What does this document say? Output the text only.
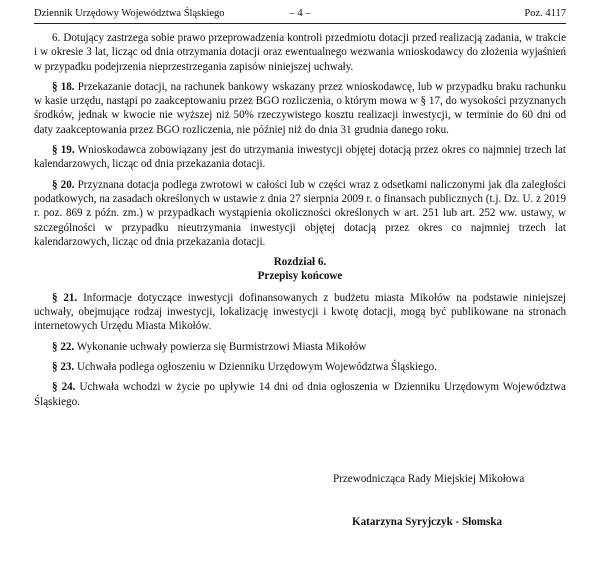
Dziennik Urzędowy Województwa Śląskiego	– 4 –	Poz. 4117

6. Dotujący zastrzega sobie prawo przeprowadzenia kontroli przedmiotu dotacji przed realizacją zadania, w trakcie i w okresie 3 lat, licząc od dnia otrzymania dotacji oraz ewentualnego wezwania wnioskodawcy do złożenia wyjaśnień w przypadku podejrzenia nieprzestrzegania zapisów niniejszej uchwały.

§ 18. Przekazanie dotacji, na rachunek bankowy wskazany przez wnioskodawcę, lub w przypadku braku rachunku w kasie urzędu, nastąpi po zaakceptowaniu przez BGO rozliczenia, o którym mowa w § 17, do wysokości przyznanych środków, jednak w kwocie nie wyższej niż 50% rzeczywistego kosztu realizacji inwestycji, w terminie do 60 dni od daty zaakceptowania przez BGO rozliczenia, nie później niż do dnia 31 grudnia danego roku.

§ 19. Wnioskodawca zobowiązany jest do utrzymania inwestycji objętej dotacją przez okres co najmniej trzech lat kalendarzowych, licząc od dnia przekazania dotacji.

§ 20. Przyznana dotacja podlega zwrotowi w całości lub w części wraz z odsetkami naliczonymi jak dla zaległości podatkowych, na zasadach określonych w ustawie z dnia 27 sierpnia 2009 r. o finansach publicznych (t.j. Dz. U. z 2019 r. poz. 869 z późn. zm.) w przypadkach wystąpienia okoliczności określonych w art. 251 lub art. 252 ww. ustawy, w szczególności w przypadku nieutrzymania inwestycji objętej dotacją przez okres co najmniej trzech lat kalendarzowych, licząc od dnia przekazania dotacji.

Rozdział 6.
Przepisy końcowe

§ 21. Informacje dotyczące inwestycji dofinansowanych z budżetu miasta Mikołów na podstawie niniejszej uchwały, obejmujące rodzaj inwestycji, lokalizację inwestycji i kwotę dotacji, mogą być publikowane na stronach internetowych Urzędu Miasta Mikołów.

§ 22. Wykonanie uchwały powierza się Burmistrzowi Miasta Mikołów

§ 23. Uchwała podlega ogłoszeniu w Dzienniku Urzędowym Województwa Śląskiego.

§ 24. Uchwała wchodzi w życie po upływie 14 dni od dnia ogłoszenia w Dzienniku Urzędowym Województwa Śląskiego.

Przewodnicząca Rady Miejskiej Mikołowa
Katarzyna Syryjczyk - Słomska
